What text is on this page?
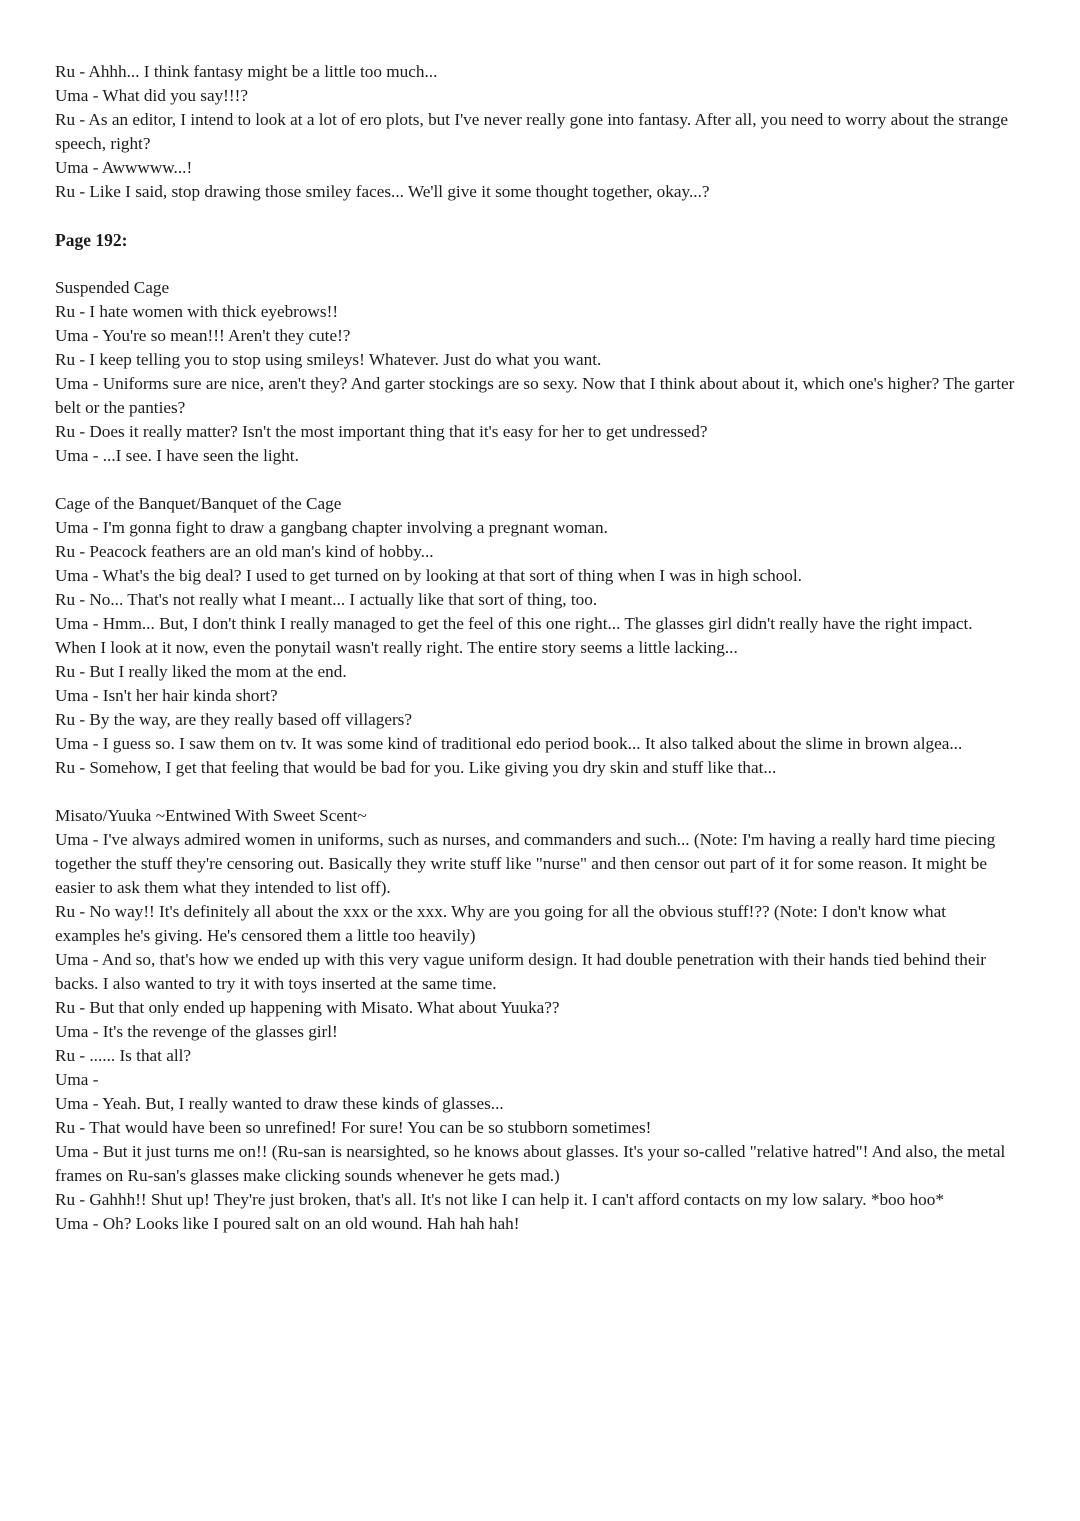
Ru - Ahhh... I think fantasy might be a little too much...

Uma - What did you say!!!?

Ru - As an editor, I intend to look at a lot of ero plots, but I've never really gone into fantasy. After all, you need to worry about the strange speech, right?

Uma - Awwwww...!

Ru - Like I said, stop drawing those smiley faces... We'll give it some thought together, okay...?

Page 192:

Suspended Cage

Ru - I hate women with thick eyebrows!!

Uma - You're so mean!!! Aren't they cute!?

Ru - I keep telling you to stop using smileys! Whatever. Just do what you want.

Uma - Uniforms sure are nice, aren't they? And garter stockings are so sexy. Now that I think about about it, which one's higher? The garter belt or the panties?

Ru - Does it really matter? Isn't the most important thing that it's easy for her to get undressed?

Uma - ...I see. I have seen the light.

Cage of the Banquet/Banquet of the Cage

Uma - I'm gonna fight to draw a gangbang chapter involving a pregnant woman.

Ru - Peacock feathers are an old man's kind of hobby...

Uma - What's the big deal? I used to get turned on by looking at that sort of thing when I was in high school.

Ru - No... That's not really what I meant... I actually like that sort of thing, too.

Uma - Hmm... But, I don't think I really managed to get the feel of this one right... The glasses girl didn't really have the right impact. When I look at it now, even the ponytail wasn't really right. The entire story seems a little lacking...

Ru - But I really liked the mom at the end.

Uma - Isn't her hair kinda short?

Ru - By the way, are they really based off villagers?

Uma - I guess so. I saw them on tv. It was some kind of traditional edo period book... It also talked about the slime in brown algea...

Ru - Somehow, I get that feeling that would be bad for you. Like giving you dry skin and stuff like that...

Misato/Yuuka ~Entwined With Sweet Scent~

Uma - I've always admired women in uniforms, such as nurses, and commanders and such... (Note: I'm having a really hard time piecing together the stuff they're censoring out. Basically they write stuff like "nurse" and then censor out part of it for some reason. It might be easier to ask them what they intended to list off).

Ru - No way!! It's definitely all about the xxx or the xxx. Why are you going for all the obvious stuff!?? (Note: I don't know what examples he's giving. He's censored them a little too heavily)

Uma - And so, that's how we ended up with this very vague uniform design. It had double penetration with their hands tied behind their backs. I also wanted to try it with toys inserted at the same time.

Ru - But that only ended up happening with Misato. What about Yuuka??

Uma - It's the revenge of the glasses girl!

Ru - ...... Is that all?

Uma -

Uma - Yeah. But, I really wanted to draw these kinds of glasses...

Ru - That would have been so unrefined! For sure! You can be so stubborn sometimes!

Uma - But it just turns me on!! (Ru-san is nearsighted, so he knows about glasses. It's your so-called "relative hatred"! And also, the metal frames on Ru-san's glasses make clicking sounds whenever he gets mad.)

Ru - Gahhh!! Shut up! They're just broken, that's all. It's not like I can help it. I can't afford contacts on my low salary. *boo hoo*

Uma - Oh? Looks like I poured salt on an old wound. Hah hah hah!
